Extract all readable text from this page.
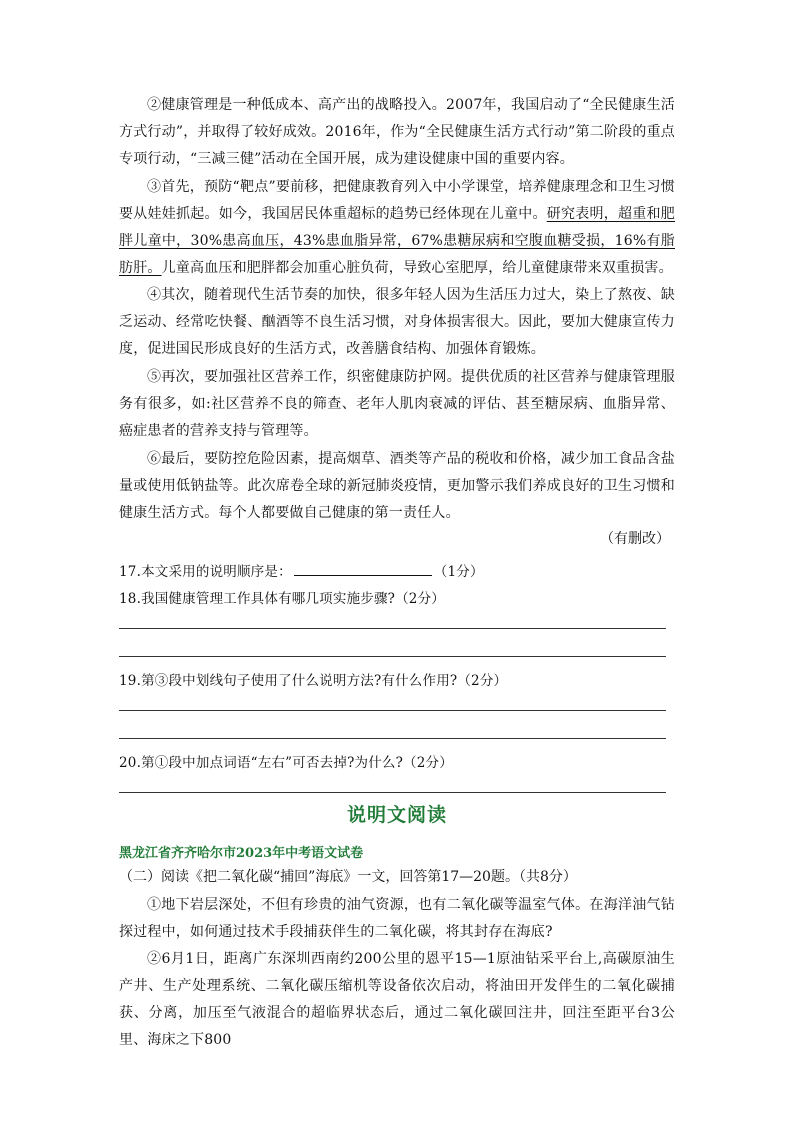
②健康管理是一种低成本、高产出的战略投入。2007年，我国启动了“全民健康生活方式行动”，并取得了较好成效。2016年，作为“全民健康生活方式行动”第二阶段的重点专项行动，“三减三健”活动在全国开展，成为建设健康中国的重要内容。

③首先，预防“靶点”要前移，把健康教育列入中小学课堂，培养健康理念和卫生习惯要从娃娃抓起。如今，我国居民体重超标的趋势已经体现在儿童中。研究表明，超重和肥胖儿童中，30%患高血压，43%患血脂异常，67%患糖尿病和空腹血糖受损，16%有脂肪肝。儿童高血压和肥胖都会加重心脏负荷，导致心室肥厚，给儿童健康带来双重损害。

④其次，随着现代生活节奏的加快，很多年轻人因为生活压力过大，染上了熬夜、缺乏运动、经常吃快餐、酗酒等不良生活习惯，对身体损害很大。因此，要加大健康宣传力度，促进国民形成良好的生活方式，改善膳食结构、加强体育锻炼。

⑤再次，要加强社区营养工作，织密健康防护网。提供优质的社区营养与健康管理服务有很多，如:社区营养不良的筛查、老年人肌肉衰减的评估、甚至糖尿病、血脂异常、癌症患者的营养支持与管理等。

⑥最后，要防控危险因素，提高烟草、酒类等产品的税收和价格，减少加工食品含盐量或使用低钠盐等。此次席卷全球的新冠肺炎疫情，更加警示我们养成良好的卫生习惯和健康生活方式。每个人都要做自己健康的第一责任人。

（有删改）

17.本文采用的说明顺序是：	（1分）

18.我国健康管理工作具体有哪几项实施步骤?（2分）

19.第③段中划线句子使用了什么说明方法?有什么作用?（2分）

20.第①段中加点词语“左右”可否去掉?为什么?（2分）

说明文阅读
黑龙江省齐齐哈尔市2023年中考语文试卷
（二）阅读《把二氧化碳“捕回”海底》一文，回答第17—20题。（共8分）

①地下岩层深处，不但有珍贵的油气资源，也有二氧化碳等温室气体。在海洋油气钻探过程中，如何通过技术手段捕获伴生的二氧化碳，将其封存在海底?

②6月1日，距离广东深圳西南约200公里的恩平15—1原油钻采平台上,高碳原油生产井、生产处理系统、二氧化碳压缩机等设备依次启动，将油田开发伴生的二氧化碳捕获、分离，加压至气液混合的超临界状态后，通过二氧化碳回注井，回注至距平台3公里、海床之下800
